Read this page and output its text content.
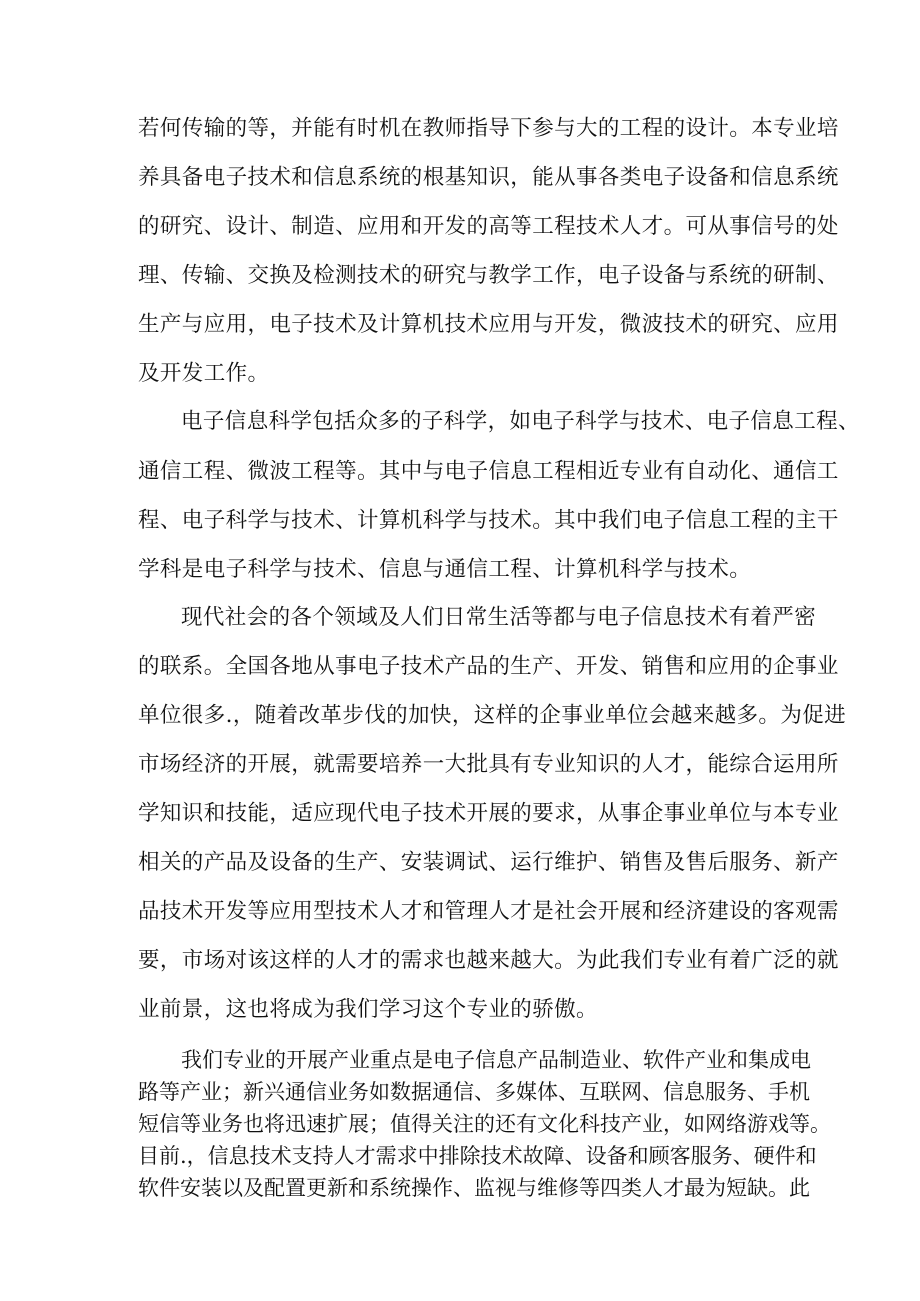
若何传输的等，并能有时机在教师指导下参与大的工程的设计。本专业培
养具备电子技术和信息系统的根基知识，能从事各类电子设备和信息系统
的研究、设计、制造、应用和开发的高等工程技术人才。可从事信号的处
理、传输、交换及检测技术的研究与教学工作，电子设备与系统的研制、
生产与应用，电子技术及计算机技术应用与开发，微波技术的研究、应用
及开发工作。
电子信息科学包括众多的子科学，如电子科学与技术、电子信息工程、
通信工程、微波工程等。其中与电子信息工程相近专业有自动化、通信工
程、电子科学与技术、计算机科学与技术。其中我们电子信息工程的主干
学科是电子科学与技术、信息与通信工程、计算机科学与技术。
现代社会的各个领域及人们日常生活等都与电子信息技术有着严密
的联系。全国各地从事电子技术产品的生产、开发、销售和应用的企事业
单位很多.，随着改革步伐的加快，这样的企事业单位会越来越多。为促进
市场经济的开展，就需要培养一大批具有专业知识的人才，能综合运用所
学知识和技能，适应现代电子技术开展的要求，从事企事业单位与本专业
相关的产品及设备的生产、安装调试、运行维护、销售及售后服务、新产
品技术开发等应用型技术人才和管理人才是社会开展和经济建设的客观需
要，市场对该这样的人才的需求也越来越大。为此我们专业有着广泛的就
业前景，这也将成为我们学习这个专业的骄傲。
我们专业的开展产业重点是电子信息产品制造业、软件产业和集成电
路等产业；新兴通信业务如数据通信、多媒体、互联网、信息服务、手机
短信等业务也将迅速扩展；值得关注的还有文化科技产业，如网络游戏等。
目前.，信息技术支持人才需求中排除技术故障、设备和顾客服务、硬件和
软件安装以及配置更新和系统操作、监视与维修等四类人才最为短缺。此
